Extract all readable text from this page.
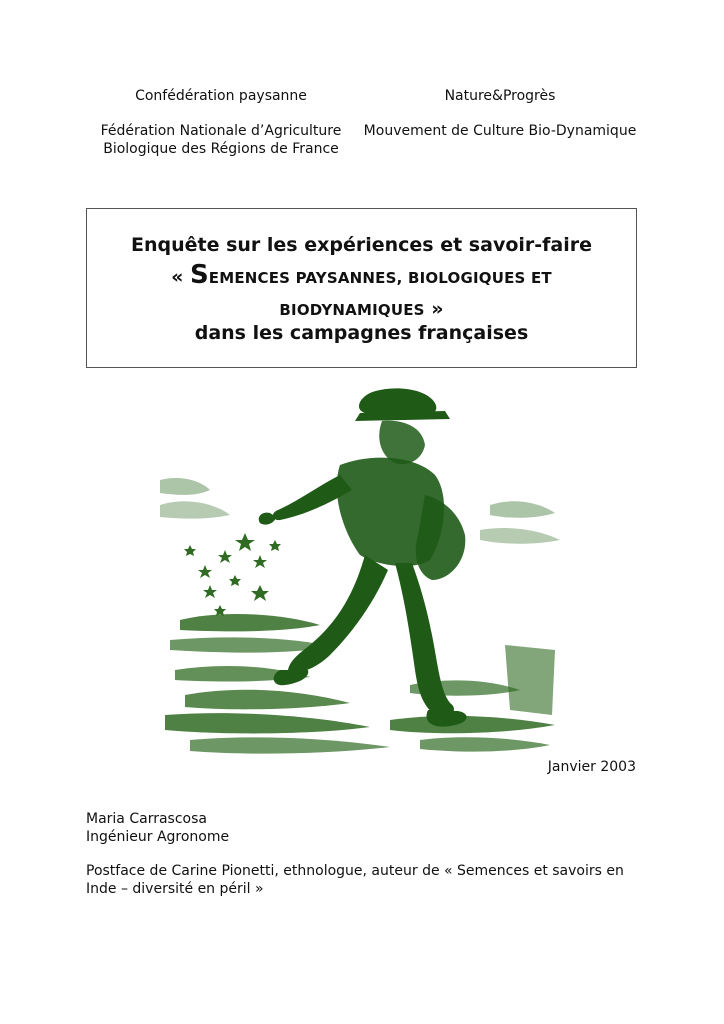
Confédération paysanne
Fédération Nationale d’Agriculture
Biologique des Régions de France
Nature&Progrès
Mouvement de Culture Bio-Dynamique
Enquête sur les expériences et savoir-faire
« SEMENCES PAYSANNES, BIOLOGIQUES ET
BIODYNAMIQUES »
dans les campagnes françaises
Janvier 2003
Maria Carrascosa
Ingénieur Agronome
Postface de Carine Pionetti, ethnologue, auteur de « Semences et savoirs en Inde – diversité en péril »
